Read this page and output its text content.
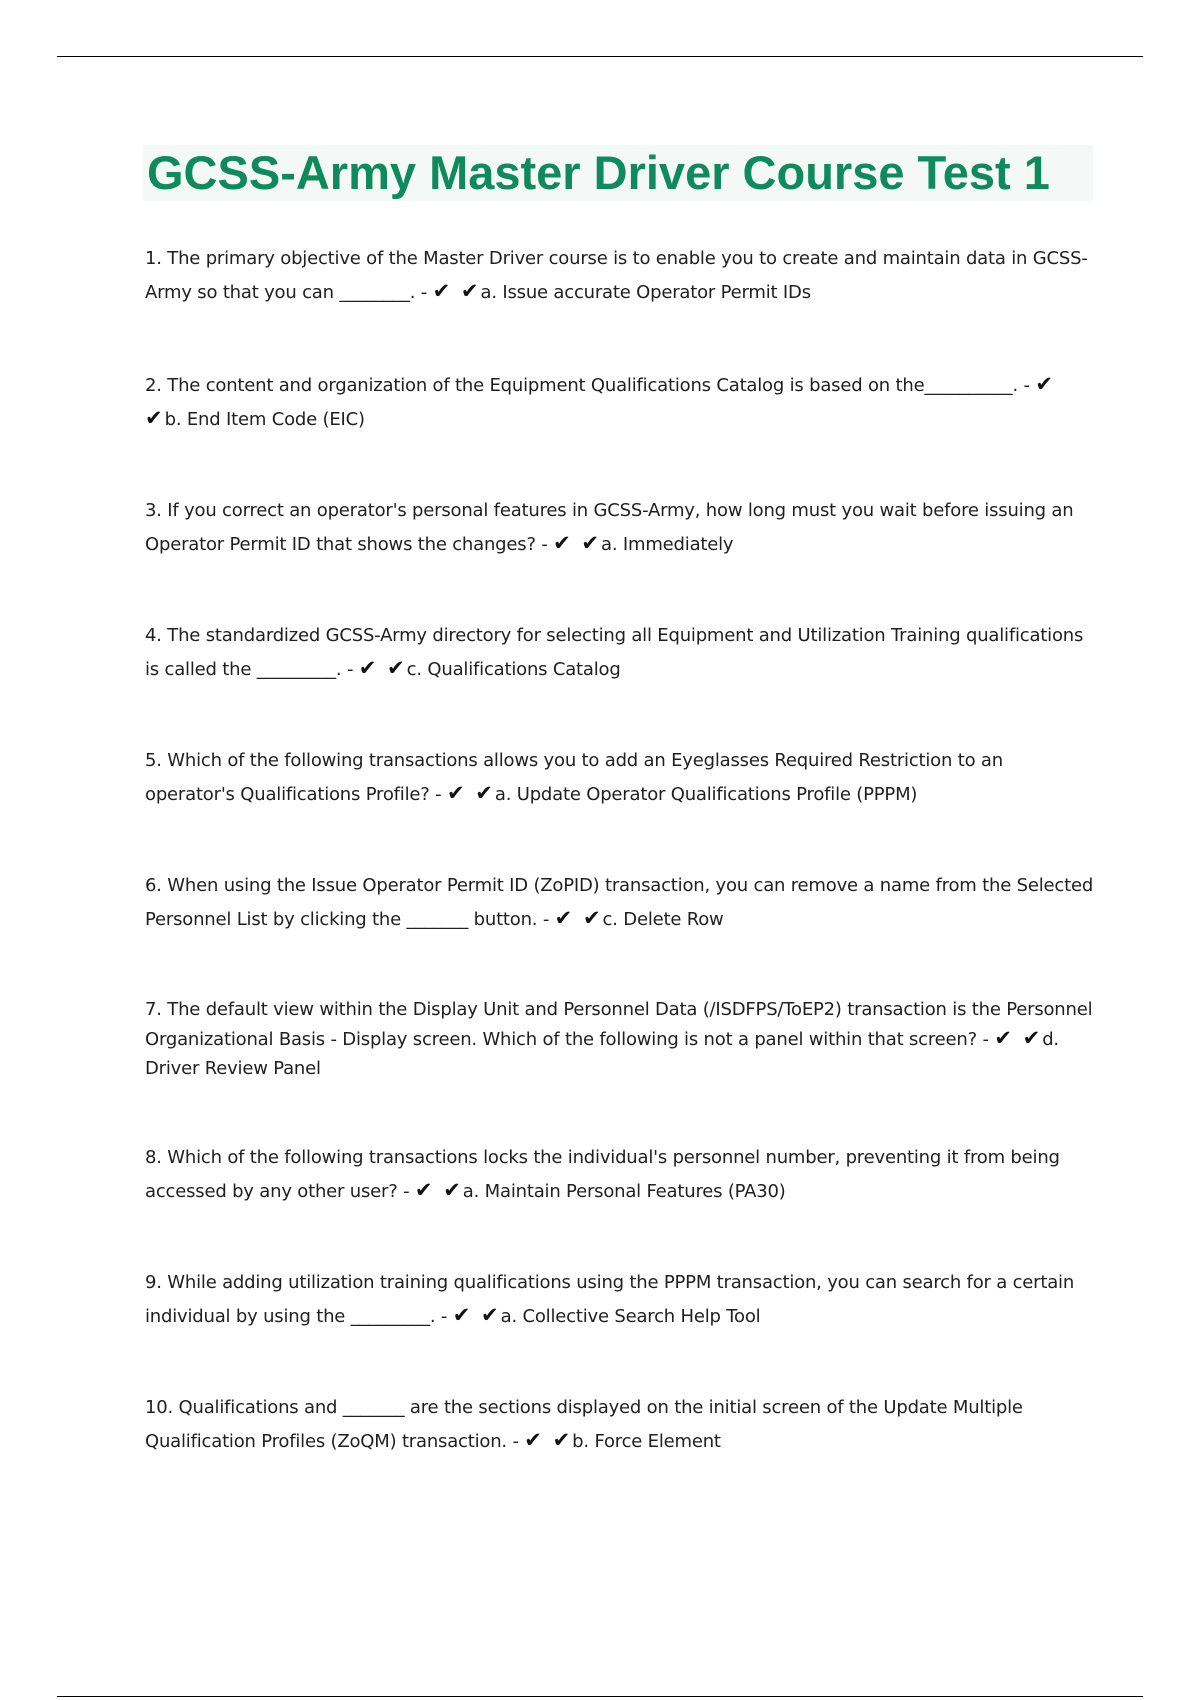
GCSS-Army Master Driver Course Test 1

1. The primary objective of the Master Driver course is to enable you to create and maintain data in GCSS-Army so that you can ________. - ✔ ✔a. Issue accurate Operator Permit IDs

2. The content and organization of the Equipment Qualifications Catalog is based on the__________. - ✔ ✔b. End Item Code (EIC)

3. If you correct an operator's personal features in GCSS-Army, how long must you wait before issuing an Operator Permit ID that shows the changes? - ✔ ✔a. Immediately

4. The standardized GCSS-Army directory for selecting all Equipment and Utilization Training qualifications is called the _________. - ✔ ✔c. Qualifications Catalog

5. Which of the following transactions allows you to add an Eyeglasses Required Restriction to an operator's Qualifications Profile? - ✔ ✔a. Update Operator Qualifications Profile (PPPM)

6. When using the Issue Operator Permit ID (ZoPID) transaction, you can remove a name from the Selected Personnel List by clicking the _______ button. - ✔ ✔c. Delete Row

7. The default view within the Display Unit and Personnel Data (/ISDFPS/ToEP2) transaction is the Personnel Organizational Basis - Display screen. Which of the following is not a panel within that screen? - ✔ ✔d. Driver Review Panel

8. Which of the following transactions locks the individual's personnel number, preventing it from being accessed by any other user? - ✔ ✔a. Maintain Personal Features (PA30)

9. While adding utilization training qualifications using the PPPM transaction, you can search for a certain individual by using the _________. - ✔ ✔a. Collective Search Help Tool

10. Qualifications and _______ are the sections displayed on the initial screen of the Update Multiple Qualification Profiles (ZoQM) transaction. - ✔ ✔b. Force Element
